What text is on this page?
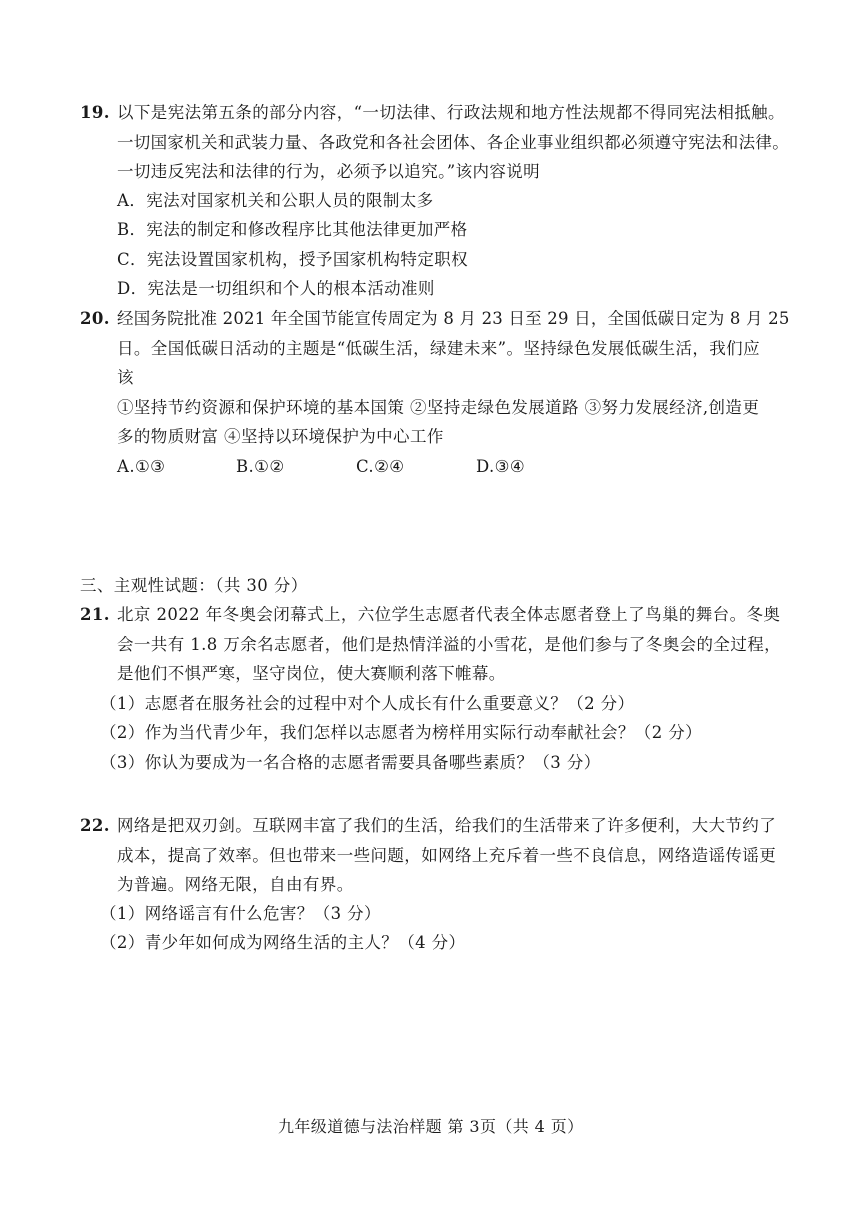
19. 以下是宪法第五条的部分内容，“一切法律、行政法规和地方性法规都不得同宪法相抵触。
一切国家机关和武装力量、各政党和各社会团体、各企业事业组织都必须遵守宪法和法律。
一切违反宪法和法律的行为，必须予以追究。”该内容说明
A．宪法对国家机关和公职人员的限制太多
B．宪法的制定和修改程序比其他法律更加严格
C．宪法设置国家机构，授予国家机构特定职权
D．宪法是一切组织和个人的根本活动准则
20. 经国务院批准 2021 年全国节能宣传周定为 8 月 23 日至 29 日，全国低碳日定为 8 月 25
日。全国低碳日活动的主题是“低碳生活，绿建未来”。坚持绿色发展低碳生活，我们应
该
①坚持节约资源和保护环境的基本国策 ②坚持走绿色发展道路 ③努力发展经济,创造更
多的物质财富 ④坚持以环境保护为中心工作
A.①③	B.①②	C.②④	D.③④
三、主观性试题：（共 30 分）
21. 北京 2022 年冬奥会闭幕式上，六位学生志愿者代表全体志愿者登上了鸟巢的舞台。冬奥
会一共有 1.8 万余名志愿者，他们是热情洋溢的小雪花，是他们参与了冬奥会的全过程，
是他们不惧严寒，坚守岗位，使大赛顺利落下帷幕。
（1）志愿者在服务社会的过程中对个人成长有什么重要意义？（2 分）
（2）作为当代青少年，我们怎样以志愿者为榜样用实际行动奉献社会？（2 分）
（3）你认为要成为一名合格的志愿者需要具备哪些素质？（3 分）
22. 网络是把双刃剑。互联网丰富了我们的生活，给我们的生活带来了许多便利，大大节约了
成本，提高了效率。但也带来一些问题，如网络上充斥着一些不良信息，网络造谣传谣更
为普遍。网络无限，自由有界。
（1）网络谣言有什么危害？（3 分）
（2）青少年如何成为网络生活的主人？（4 分）
九年级道德与法治样题 第 3页（共 4 页）
